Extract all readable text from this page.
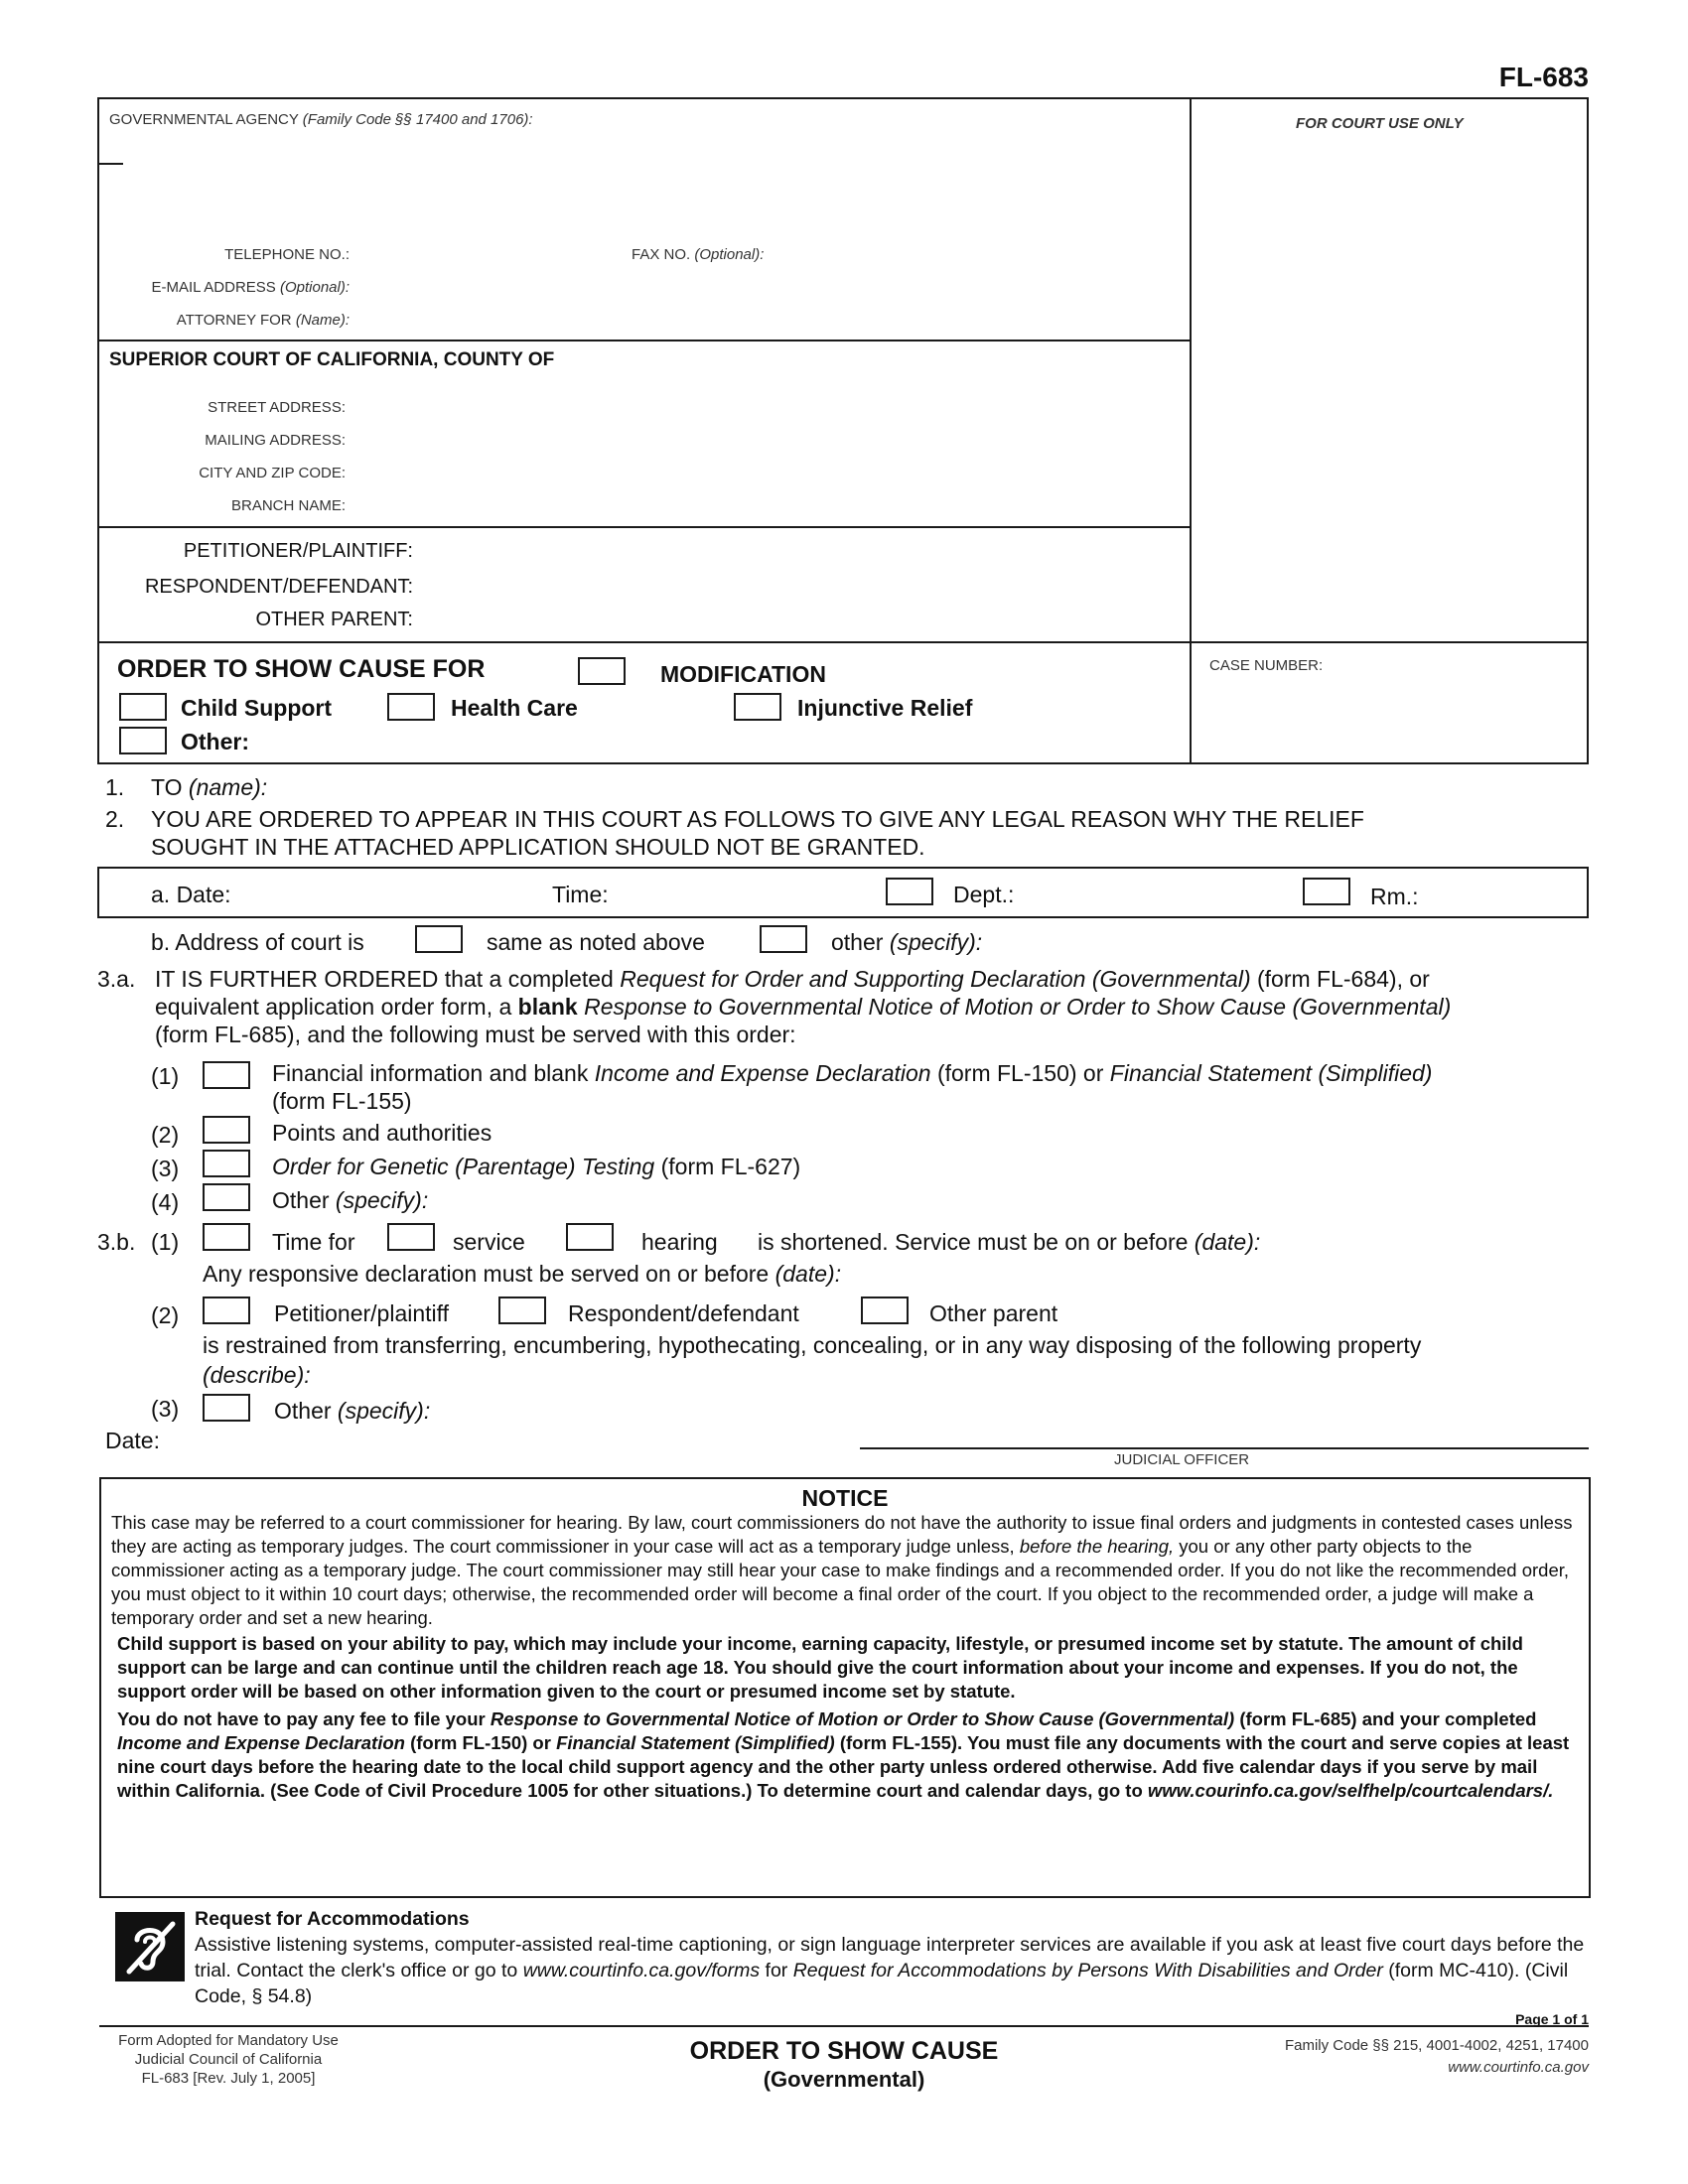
FL-683
GOVERNMENTAL AGENCY (Family Code §§ 17400 and 1706):	FOR COURT USE ONLY
TELEPHONE NO.:	FAX NO. (Optional):
E-MAIL ADDRESS (Optional):
ATTORNEY FOR (Name):
SUPERIOR COURT OF CALIFORNIA, COUNTY OF
STREET ADDRESS:
MAILING ADDRESS:
CITY AND ZIP CODE:
BRANCH NAME:
PETITIONER/PLAINTIFF:
RESPONDENT/DEFENDANT:
OTHER PARENT:
ORDER TO SHOW CAUSE FOR	MODIFICATION
Child Support	Health Care	Injunctive Relief
Other:
CASE NUMBER:
1. TO (name):
2. YOU ARE ORDERED TO APPEAR IN THIS COURT AS FOLLOWS TO GIVE ANY LEGAL REASON WHY THE RELIEF
SOUGHT IN THE ATTACHED APPLICATION SHOULD NOT BE GRANTED.
a. Date:	Time:	Dept.:	Rm.:
b. Address of court is	same as noted above	other (specify):
3.a. IT IS FURTHER ORDERED that a completed Request for Order and Supporting Declaration (Governmental) (form FL-684), or
equivalent application order form, a blank Response to Governmental Notice of Motion or Order to Show Cause (Governmental)
(form FL-685), and the following must be served with this order:
(1)	Financial information and blank Income and Expense Declaration (form FL-150) or Financial Statement (Simplified)
(form FL-155)
(2)	Points and authorities
(3)	Order for Genetic (Parentage) Testing (form FL-627)
(4)	Other (specify):
3.b. (1)	Time for	service	hearing is shortened. Service must be on or before (date):
Any responsive declaration must be served on or before (date):
(2)	Petitioner/plaintiff	Respondent/defendant	Other parent
is restrained from transferring, encumbering, hypothecating, concealing, or in any way disposing of the following property
(describe):
(3)	Other (specify):
Date:
JUDICIAL OFFICER
NOTICE

This case may be referred to a court commissioner for hearing. By law, court commissioners do not have the authority to issue final orders and judgments in contested cases unless they are acting as temporary judges. The court commissioner in your case will act as a temporary judge unless, before the hearing, you or any other party objects to the commissioner acting as a temporary judge. The court commissioner may still hear your case to make findings and a recommended order. If you do not like the recommended order, you must object to it within 10 court days; otherwise, the recommended order will become a final order of the court. If you object to the recommended order, a judge will make a temporary order and set a new hearing.

Child support is based on your ability to pay, which may include your income, earning capacity, lifestyle, or presumed income set by statute. The amount of child support can be large and can continue until the children reach age 18. You should give the court information about your income and expenses. If you do not, the support order will be based on other information given to the court or presumed income set by statute.

You do not have to pay any fee to file your Response to Governmental Notice of Motion or Order to Show Cause (Governmental) (form FL-685) and your completed Income and Expense Declaration (form FL-150) or Financial Statement (Simplified) (form FL-155). You must file any documents with the court and serve copies at least nine court days before the hearing date to the local child support agency and the other party unless ordered otherwise. Add five calendar days if you serve by mail within California. (See Code of Civil Procedure 1005 for other situations.) To determine court and calendar days, go to www.courinfo.ca.gov/selfhelp/courtcalendars/.

Request for Accommodations
Assistive listening systems, computer-assisted real-time captioning, or sign language interpreter services are available if you ask at least five court days before the trial. Contact the clerk's office or go to www.courtinfo.ca.gov/forms for Request for Accommodations by Persons With Disabilities and Order (form MC-410). (Civil Code, § 54.8)
Page 1 of 1
Form Adopted for Mandatory Use
Judicial Council of California
FL-683 [Rev. July 1, 2005]
ORDER TO SHOW CAUSE
(Governmental)
Family Code §§ 215, 4001-4002, 4251, 17400
www.courtinfo.ca.gov
